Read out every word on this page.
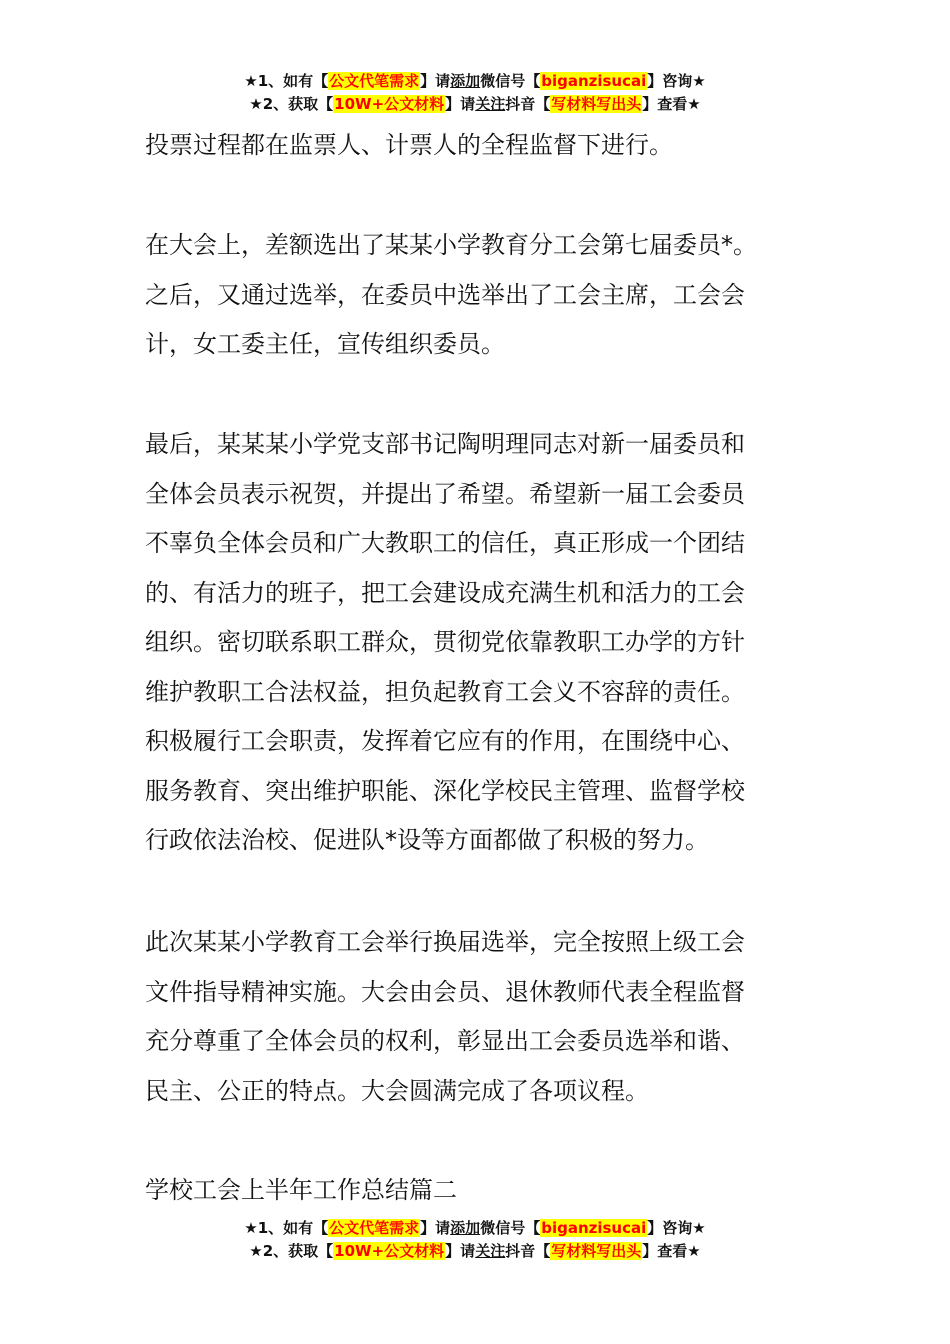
★1、如有【公文代笔需求】请添加微信号【biganzisucai】咨询★
★2、获取【10W+公文材料】请关注抖音【写材料写出头】查看★
投票过程都在监票人、计票人的全程监督下进行。
在大会上，差额选出了某某小学教育分工会第七届委员*。
之后，又通过选举，在委员中选举出了工会主席，工会会
计，女工委主任，宣传组织委员。
最后，某某某小学党支部书记陶明理同志对新一届委员和
全体会员表示祝贺，并提出了希望。希望新一届工会委员
不辜负全体会员和广大教职工的信任，真正形成一个团结
的、有活力的班子，把工会建设成充满生机和活力的工会
组织。密切联系职工群众，贯彻党依靠教职工办学的方针
维护教职工合法权益，担负起教育工会义不容辞的责任。
积极履行工会职责，发挥着它应有的作用，在围绕中心、
服务教育、突出维护职能、深化学校民主管理、监督学校
行政依法治校、促进队*设等方面都做了积极的努力。
此次某某小学教育工会举行换届选举，完全按照上级工会
文件指导精神实施。大会由会员、退休教师代表全程监督
充分尊重了全体会员的权利，彰显出工会委员选举和谐、
民主、公正的特点。大会圆满完成了各项议程。
学校工会上半年工作总结篇二
★1、如有【公文代笔需求】请添加微信号【biganzisucai】咨询★
★2、获取【10W+公文材料】请关注抖音【写材料写出头】查看★
